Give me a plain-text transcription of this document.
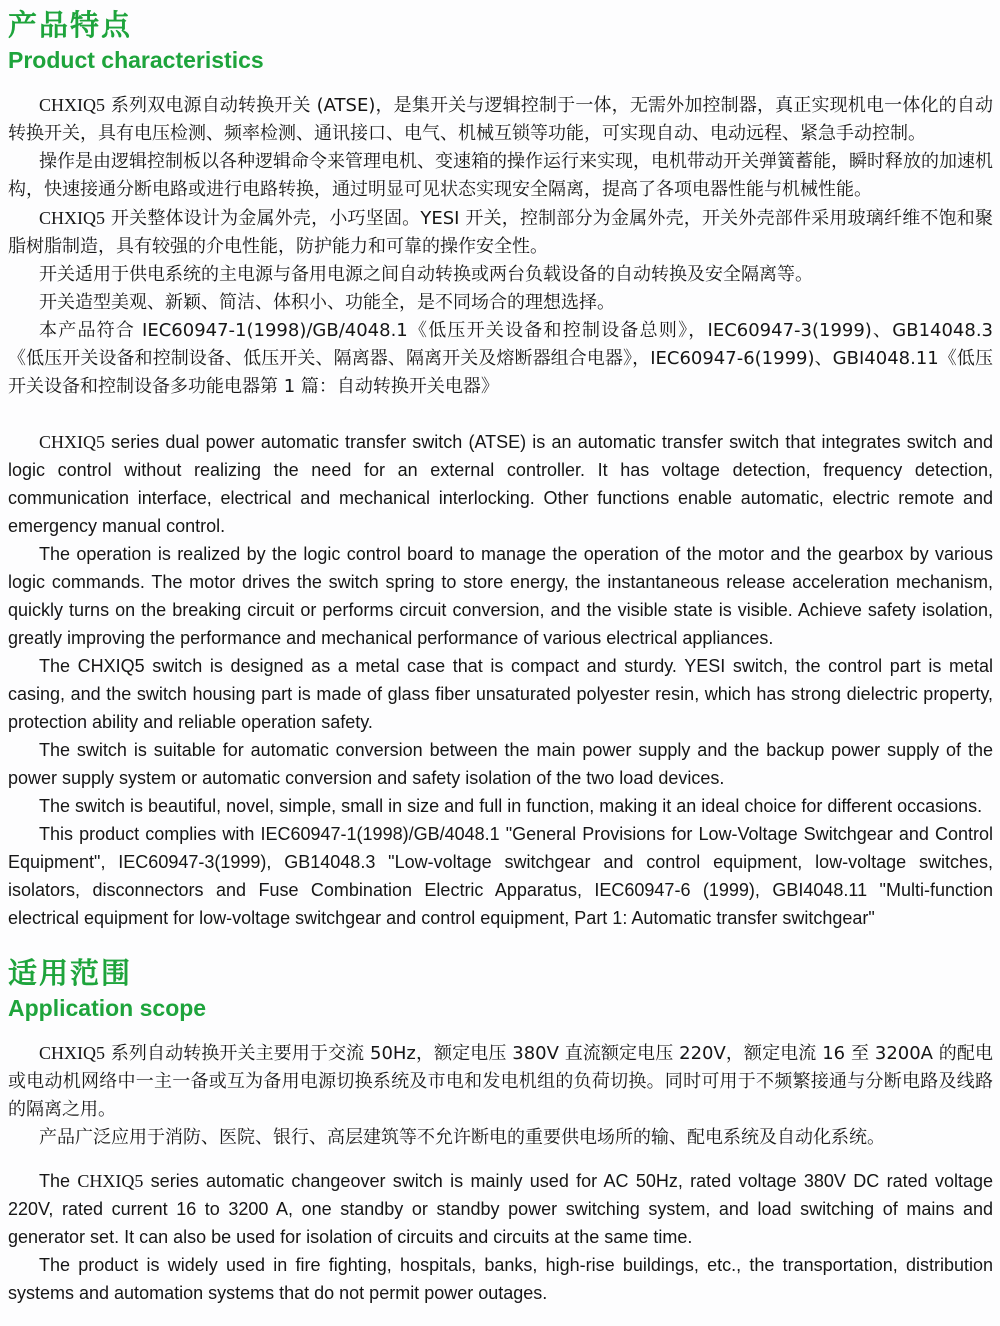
产品特点
Product characteristics

CHXIQ5 系列双电源自动转换开关 (ATSE)，是集开关与逻辑控制于一体，无需外加控制器，真正实现机电一体化的自动转换开关，具有电压检测、频率检测、通讯接口、电气、机械互锁等功能，可实现自动、电动远程、紧急手动控制。

操作是由逻辑控制板以各种逻辑命令来管理电机、变速箱的操作运行来实现，电机带动开关弹簧蓄能，瞬时释放的加速机构，快速接通分断电路或进行电路转换，通过明显可见状态实现安全隔离，提高了各项电器性能与机械性能。

CHXIQ5 开关整体设计为金属外壳，小巧坚固。YESI 开关，控制部分为金属外壳，开关外壳部件采用玻璃纤维不饱和聚脂树脂制造，具有较强的介电性能，防护能力和可靠的操作安全性。

开关适用于供电系统的主电源与备用电源之间自动转换或两台负载设备的自动转换及安全隔离等。

开关造型美观、新颖、简洁、体积小、功能全，是不同场合的理想选择。

本产品符合 IEC60947-1(1998)/GB/4048.1《低压开关设备和控制设备总则》，IEC60947-3(1999)、GB14048.3《低压开关设备和控制设备、低压开关、隔离器、隔离开关及熔断器组合电器》，IEC60947-6(1999)、GBI4048.11《低压开关设备和控制设备多功能电器第 1 篇：自动转换开关电器》

CHXIQ5 series dual power automatic transfer switch (ATSE) is an automatic transfer switch that integrates switch and logic control without realizing the need for an external controller. It has voltage detection, frequency detection, communication interface, electrical and mechanical interlocking. Other functions enable automatic, electric remote and emergency manual control.

The operation is realized by the logic control board to manage the operation of the motor and the gearbox by various logic commands. The motor drives the switch spring to store energy, the instantaneous release acceleration mechanism, quickly turns on the breaking circuit or performs circuit conversion, and the visible state is visible. Achieve safety isolation, greatly improving the performance and mechanical performance of various electrical appliances.

The CHXIQ5 switch is designed as a metal case that is compact and sturdy. YESI switch, the control part is metal casing, and the switch housing part is made of glass fiber unsaturated polyester resin, which has strong dielectric property, protection ability and reliable operation safety.

The switch is suitable for automatic conversion between the main power supply and the backup power supply of the power supply system or automatic conversion and safety isolation of the two load devices.

The switch is beautiful, novel, simple, small in size and full in function, making it an ideal choice for different occasions.

This product complies with IEC60947-1(1998)/GB/4048.1 "General Provisions for Low-Voltage Switchgear and Control Equipment", IEC60947-3(1999), GB14048.3 "Low-voltage switchgear and control equipment, low-voltage switches, isolators, disconnectors and Fuse Combination Electric Apparatus, IEC60947-6 (1999), GBI4048.11 "Multi-function electrical equipment for low-voltage switchgear and control equipment, Part 1: Automatic transfer switchgear"

适用范围
Application scope

CHXIQ5 系列自动转换开关主要用于交流 50Hz，额定电压 380V 直流额定电压 220V，额定电流 16 至 3200A 的配电或电动机网络中一主一备或互为备用电源切换系统及市电和发电机组的负荷切换。同时可用于不频繁接通与分断电路及线路的隔离之用。

产品广泛应用于消防、医院、银行、高层建筑等不允许断电的重要供电场所的输、配电系统及自动化系统。

The CHXIQ5 series automatic changeover switch is mainly used for AC 50Hz, rated voltage 380V DC rated voltage 220V, rated current 16 to 3200 A, one standby or standby power switching system, and load switching of mains and generator set. It can also be used for isolation of circuits and circuits at the same time.

The product is widely used in fire fighting, hospitals, banks, high-rise buildings, etc., the transportation, distribution systems and automation systems that do not permit power outages.
